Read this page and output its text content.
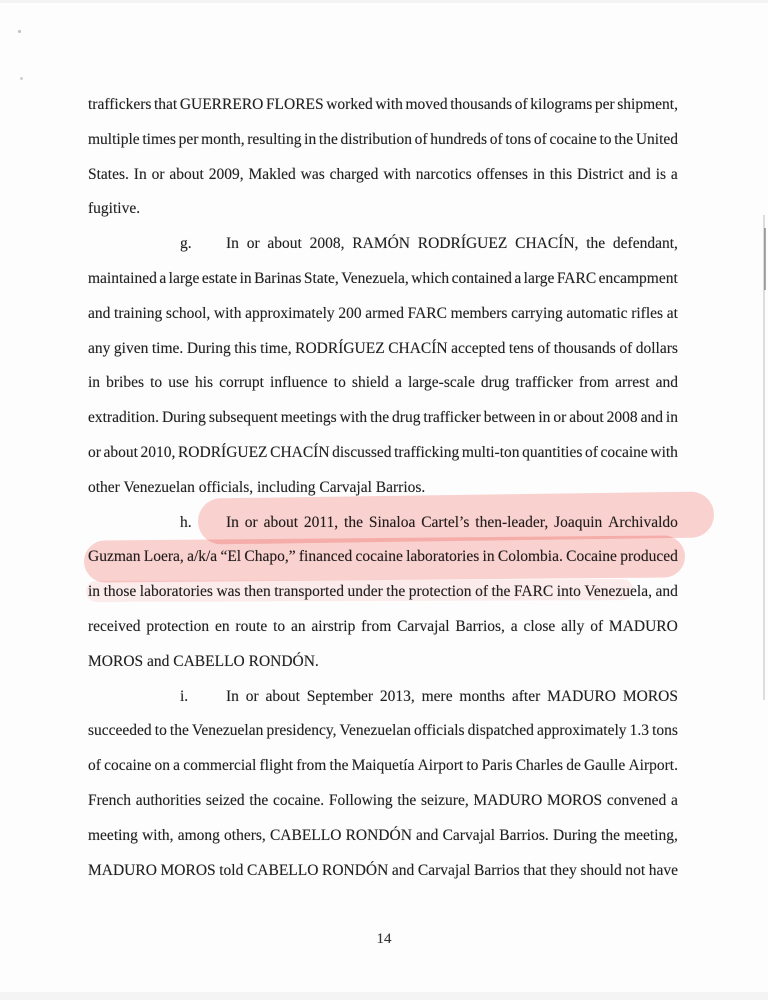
traffickers that GUERRERO FLORES worked with moved thousands of kilograms per shipment,
multiple times per month, resulting in the distribution of hundreds of tons of cocaine to the United
States. In or about 2009, Makled was charged with narcotics offenses in this District and is a
fugitive.
g. In or about 2008, RAMÓN RODRÍGUEZ CHACÍN, the defendant,
maintained a large estate in Barinas State, Venezuela, which contained a large FARC encampment
and training school, with approximately 200 armed FARC members carrying automatic rifles at
any given time. During this time, RODRÍGUEZ CHACÍN accepted tens of thousands of dollars
in bribes to use his corrupt influence to shield a large-scale drug trafficker from arrest and
extradition. During subsequent meetings with the drug trafficker between in or about 2008 and in
or about 2010, RODRÍGUEZ CHACÍN discussed trafficking multi-ton quantities of cocaine with
other Venezuelan officials, including Carvajal Barrios.
h. In or about 2011, the Sinaloa Cartel’s then-leader, Joaquin Archivaldo
Guzman Loera, a/k/a “El Chapo,” financed cocaine laboratories in Colombia. Cocaine produced
in those laboratories was then transported under the protection of the FARC into Venezuela, and
received protection en route to an airstrip from Carvajal Barrios, a close ally of MADURO
MOROS and CABELLO RONDÓN.
i. In or about September 2013, mere months after MADURO MOROS
succeeded to the Venezuelan presidency, Venezuelan officials dispatched approximately 1.3 tons
of cocaine on a commercial flight from the Maiquetía Airport to Paris Charles de Gaulle Airport.
French authorities seized the cocaine. Following the seizure, MADURO MOROS convened a
meeting with, among others, CABELLO RONDÓN and Carvajal Barrios. During the meeting,
MADURO MOROS told CABELLO RONDÓN and Carvajal Barrios that they should not have
14
